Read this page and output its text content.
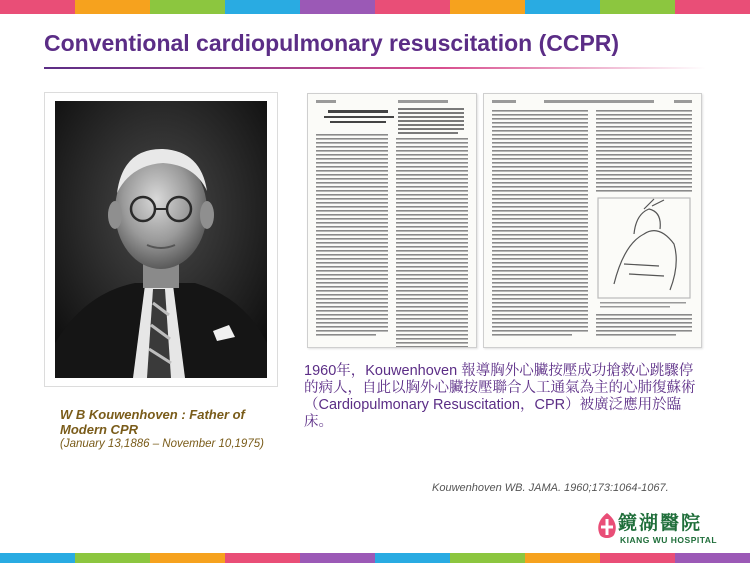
Conventional cardiopulmonary resuscitation (CCPR)
W B Kouwenhoven : Father of Modern CPR
(January 13,1886 – November 10,1975)
1960年，Kouwenhoven 報導胸外心臟按壓成功搶救心跳驟停的病人，自此以胸外心臟按壓聯合人工通氣為主的心肺復蘇術（Cardiopulmonary Resuscitation，CPR）被廣泛應用於臨床。
Kouwenhoven WB. JAMA. 1960;173:1064-1067.
鏡湖醫院
KIANG WU HOSPITAL
